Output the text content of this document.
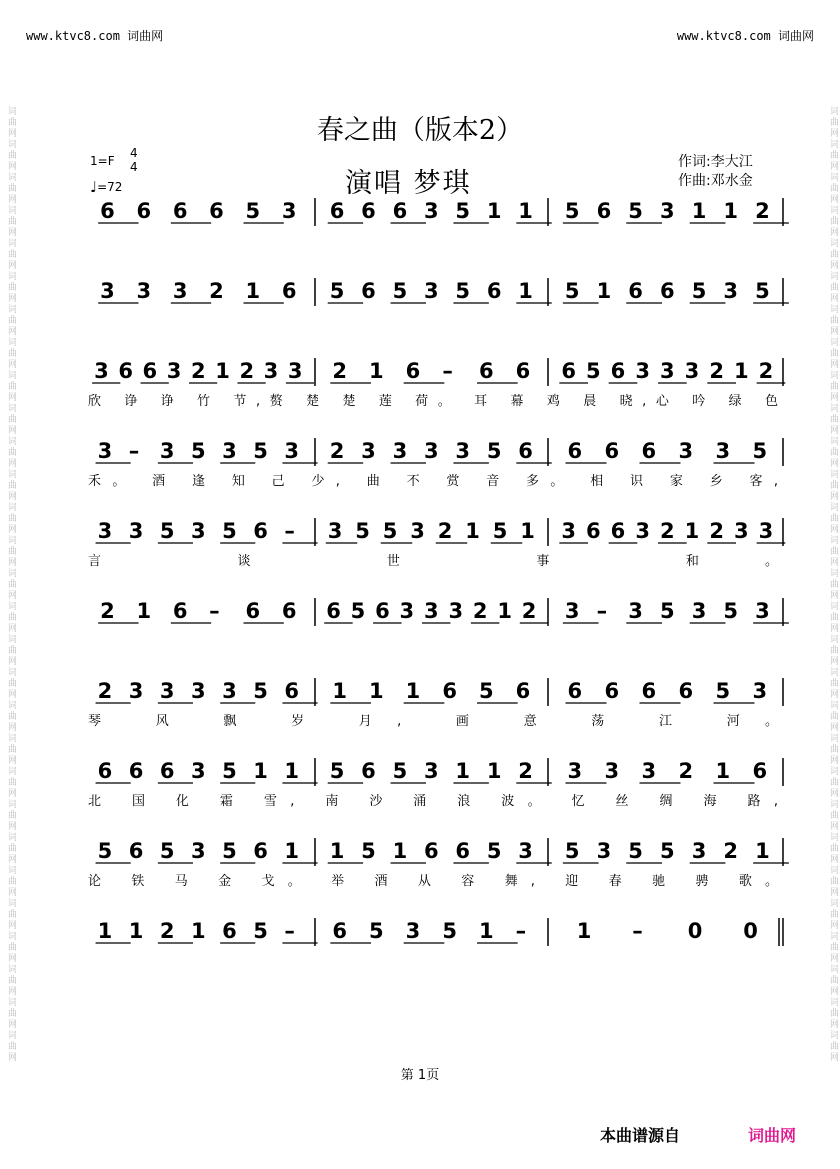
词曲网词曲网词曲网词曲网词曲网词曲网词曲网词曲网词曲网词曲网词曲网词曲网词曲网词曲网词曲网词曲网词曲网词曲网词曲网词曲网词曲网词曲网词曲网词曲网词曲网词曲网词曲网词曲网词曲网	词曲网词曲网词曲网词曲网词曲网词曲网词曲网词曲网词曲网词曲网词曲网词曲网词曲网词曲网词曲网词曲网词曲网词曲网词曲网词曲网词曲网词曲网词曲网词曲网词曲网词曲网词曲网词曲网词曲网
www.ktvc8.com 词曲网	www.ktvc8.com 词曲网
春之曲（版本2）
1=F
4
4
♩=72	演唱 梦琪
作词:李大江
作曲:邓水金
6 6 6 6 5 3 6 6 6 3 5 1 1 5 6 5 3 1 1 2
3 3 3 2 1 6 5 6 5 3 5 6 1 5 1 6 6 5 3 5
3 6 6 3 2 1 2 3 3 2 1 6 – 6 6 6 5 6 3 3 3 2 1 2
欣 诤 诤 竹 节,赘 楚 楚 莲 荷。 耳 幕 鸡 晨 晓,心 吟 绿 色
3 – 3 5 3 5 3 2 3 3 3 3 5 6 6 6 6 3 3 5
禾。 酒 逢 知 己 少, 曲 不 赏 音 多。 相 识 家 乡 客,
3 3 5 3 5 6 – 3 5 5 3 2 1 5 1 3 6 6 3 2 1 2 3 3
言 谈 世 事 和。
2 1 6 – 6 6 6 5 6 3 3 3 2 1 2 3 – 3 5 3 5 3
2 3 3 3 3 5 6 1 1 1 6 5 6 6 6 6 6 5 3
琴 风 飘 岁 月, 画 意 荡 江 河。
6 6 6 3 5 1 1 5 6 5 3 1 1 2 3 3 3 2 1 6
北 国 化 霜 雪, 南 沙 涌 浪 波。 忆 丝 绸 海 路,
5 6 5 3 5 6 1 1 5 1 6 6 5 3 5 3 5 5 3 2 1
论 铁 马 金 戈。 举 酒 从 容 舞, 迎 春 驰 骋 歌。
1 1 2 1 6 5 – 6 5 3 5 1 – 1 – 0 0
第 1页
本曲谱源自	词曲网
